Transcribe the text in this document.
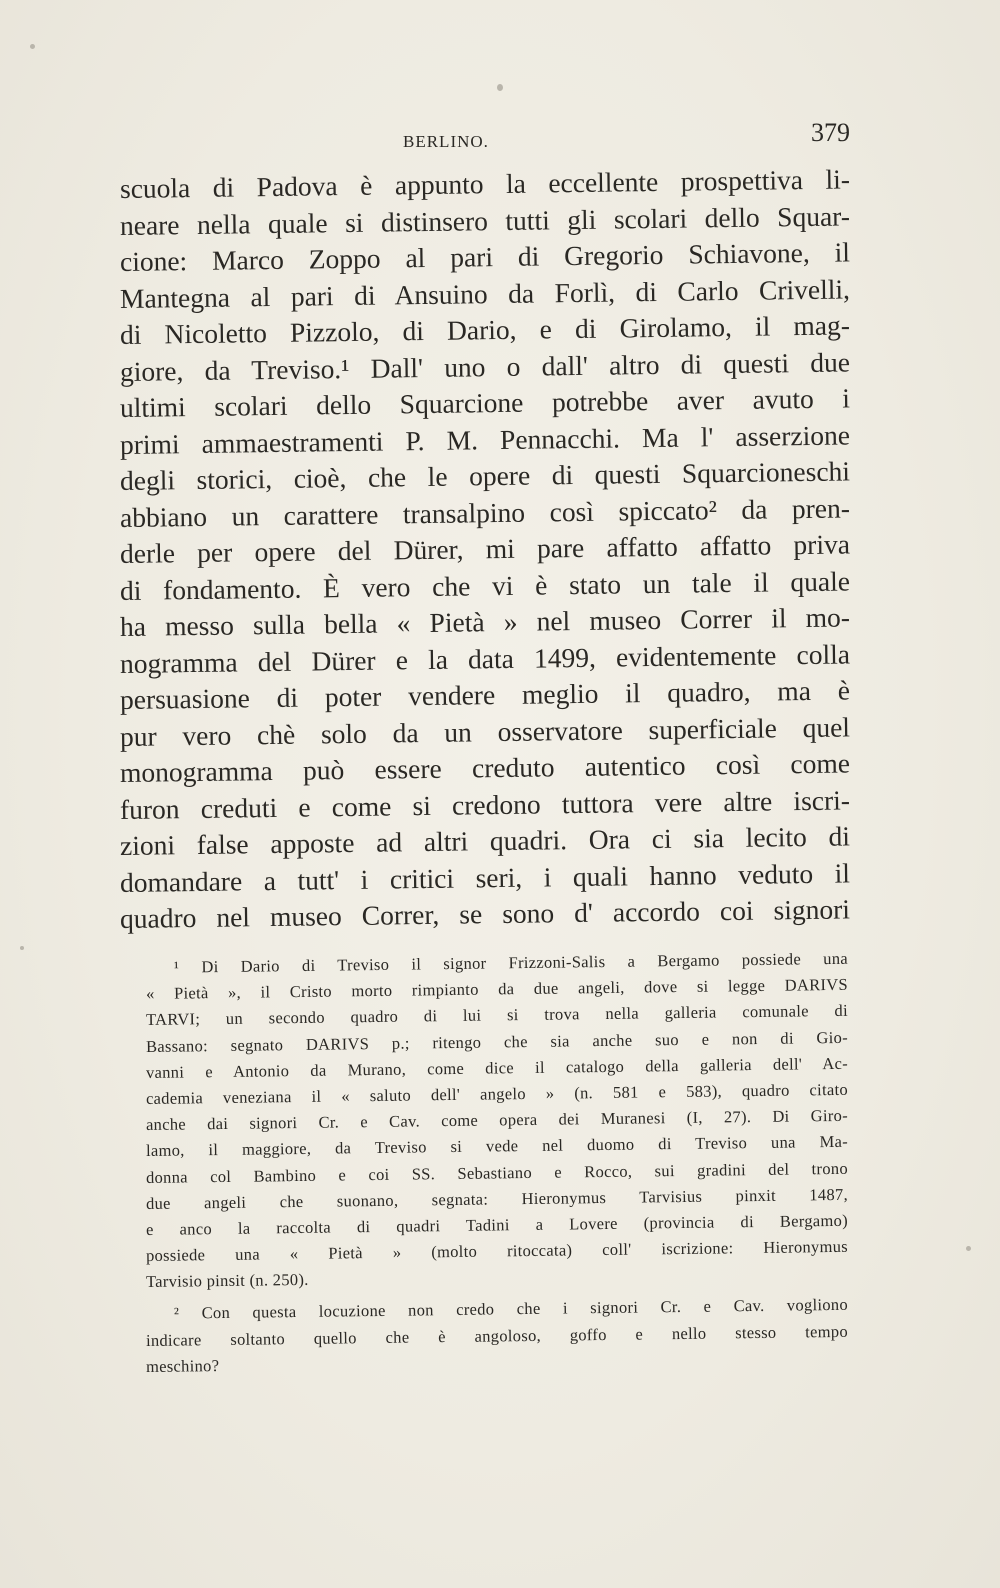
BERLINO.	379
scuola di Padova è appunto la eccellente prospettiva li-
neare nella quale si distinsero tutti gli scolari dello Squar-
cione: Marco Zoppo al pari di Gregorio Schiavone, il
Mantegna al pari di Ansuino da Forlì, di Carlo Crivelli,
di Nicoletto Pizzolo, di Dario, e di Girolamo, il mag-
giore, da Treviso.¹ Dall' uno o dall' altro di questi due
ultimi scolari dello Squarcione potrebbe aver avuto i
primi ammaestramenti P. M. Pennacchi. Ma l' asserzione
degli storici, cioè, che le opere di questi Squarcioneschi
abbiano un carattere transalpino così spiccato² da pren-
derle per opere del Dürer, mi pare affatto affatto priva
di fondamento. È vero che vi è stato un tale il quale
ha messo sulla bella « Pietà » nel museo Correr il mo-
nogramma del Dürer e la data 1499, evidentemente colla
persuasione di poter vendere meglio il quadro, ma è
pur vero chè solo da un osservatore superficiale quel
monogramma può essere creduto autentico così come
furon creduti e come si credono tuttora vere altre iscri-
zioni false apposte ad altri quadri. Ora ci sia lecito di
domandare a tutt' i critici seri, i quali hanno veduto il
quadro nel museo Correr, se sono d' accordo coi signori
¹ Di Dario di Treviso il signor Frizzoni-Salis a Bergamo possiede una
« Pietà », il Cristo morto rimpianto da due angeli, dove si legge DARIVS
TARVI; un secondo quadro di lui si trova nella galleria comunale di
Bassano: segnato DARIVS p.; ritengo che sia anche suo e non di Gio-
vanni e Antonio da Murano, come dice il catalogo della galleria dell' Ac-
cademia veneziana il « saluto dell' angelo » (n. 581 e 583), quadro citato
anche dai signori Cr. e Cav. come opera dei Muranesi (I, 27). Di Giro-
lamo, il maggiore, da Treviso si vede nel duomo di Treviso una Ma-
donna col Bambino e coi SS. Sebastiano e Rocco, sui gradini del trono
due angeli che suonano, segnata: Hieronymus Tarvisius pinxit 1487,
e anco la raccolta di quadri Tadini a Lovere (provincia di Bergamo)
possiede una « Pietà » (molto ritoccata) coll' iscrizione: Hieronymus
Tarvisio pinsit (n. 250).
² Con questa locuzione non credo che i signori Cr. e Cav. vogliono
indicare soltanto quello che è angoloso, goffo e nello stesso tempo
meschino?
